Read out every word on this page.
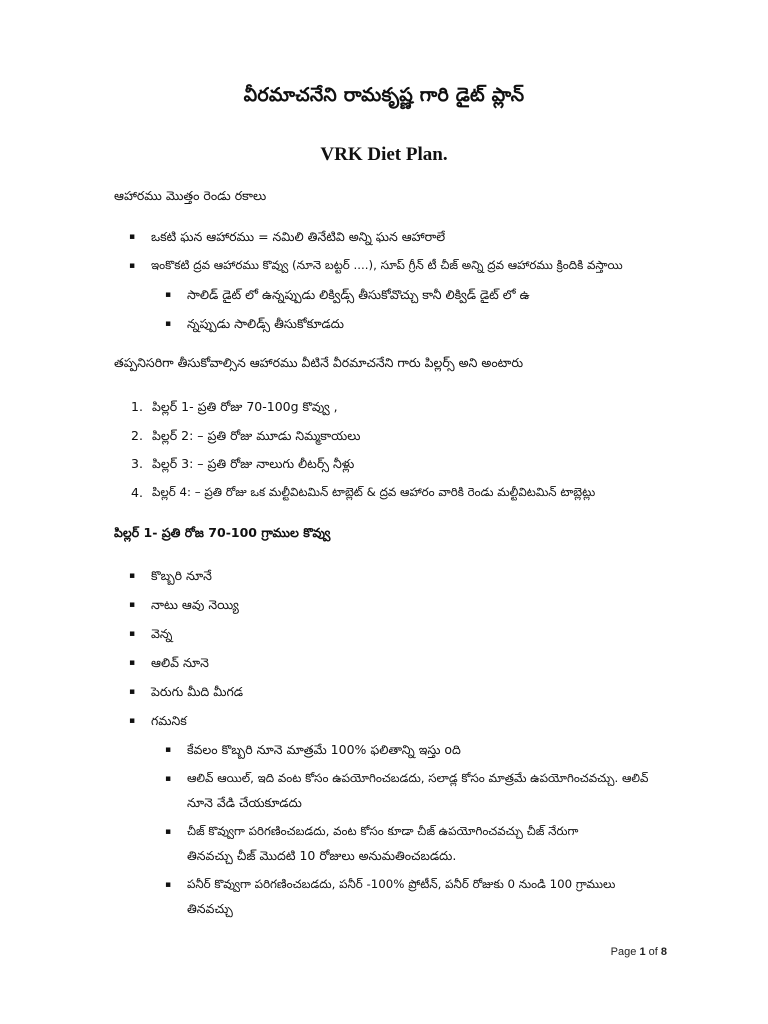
వీరమాచనేని రామకృష్ణ గారి డైట్ ప్లాన్
VRK Diet Plan.
ఆహారము మొత్తం రెండు రకాలు
▪ ఒకటి ఘన ఆహారము = నమిలి తినేటివి అన్ని ఘన ఆహారాలే
▪ ఇంకొకటి ద్రవ ఆహారము కొవ్వు (నూనె బట్టర్ ....), సూప్ గ్రీన్ టీ చీజ్ అన్ని ద్రవ ఆహారము క్రిందికి వస్తాయి
▪ సాలిడ్ డైట్ లో ఉన్నప్పుడు లిక్విడ్స్ తీసుకోవొచ్చు కానీ లిక్విడ్ డైట్ లో ఉ
▪ న్నప్పుడు సాలిడ్స్ తీసుకోకూడదు
తప్పనిసరిగా తీసుకోవాల్సిన ఆహారము వీటినే వీరమాచనేని గారు పిల్లర్స్ అని అంటారు
1. పిల్లర్ 1- ప్రతి రోజు 70-100g కొవ్వు ,
2. పిల్లర్ 2: – ప్రతి రోజు మూడు నిమ్మకాయలు
3. పిల్లర్ 3: – ప్రతి రోజు నాలుగు లీటర్స్ నీళ్లు
4. పిల్లర్ 4: – ప్రతి రోజు ఒక మల్టీవిటమిన్ టాబ్లెట్ & ద్రవ ఆహారం వారికి రెండు మల్టీవిటమిన్ టాబ్లెట్లు
పిల్లర్ 1- ప్రతి రోజ 70-100 గ్రాముల కొవ్వు
▪ కొబ్బరి నూనే
▪ నాటు ఆవు నెయ్యి
▪ వెన్న
▪ ఆలివ్ నూనె
▪ పెరుగు మీది మీగడ
▪ గమనిక
▪ కేవలం కొబ్బరి నూనె మాత్రమే 100% ఫలితాన్ని ఇస్తు oది
▪ ఆలివ్ ఆయిల్, ఇది వంట కోసం ఉపయోగించబడదు, సలాడ్ల కోసం మాత్రమే ఉపయోగించవచ్చు. ఆలివ్
నూనె వేడి చేయకూడదు
▪ చీజ్ కొవ్వుగా పరిగణించబడదు, వంట కోసం కూడా చీజ్ ఉపయోగించవచ్చు చీజ్ నేరుగా
తినవచ్చు చీజ్ మొదటి 10 రోజులు అనుమతించబడదు.
▪ పనీర్ కొవ్వుగా పరిగణించబడదు, పనీర్ -100% ప్రోటీన్, పనీర్ రోజుకు 0 నుండి 100 గ్రాములు
తినవచ్చు
Page 1 of 8
